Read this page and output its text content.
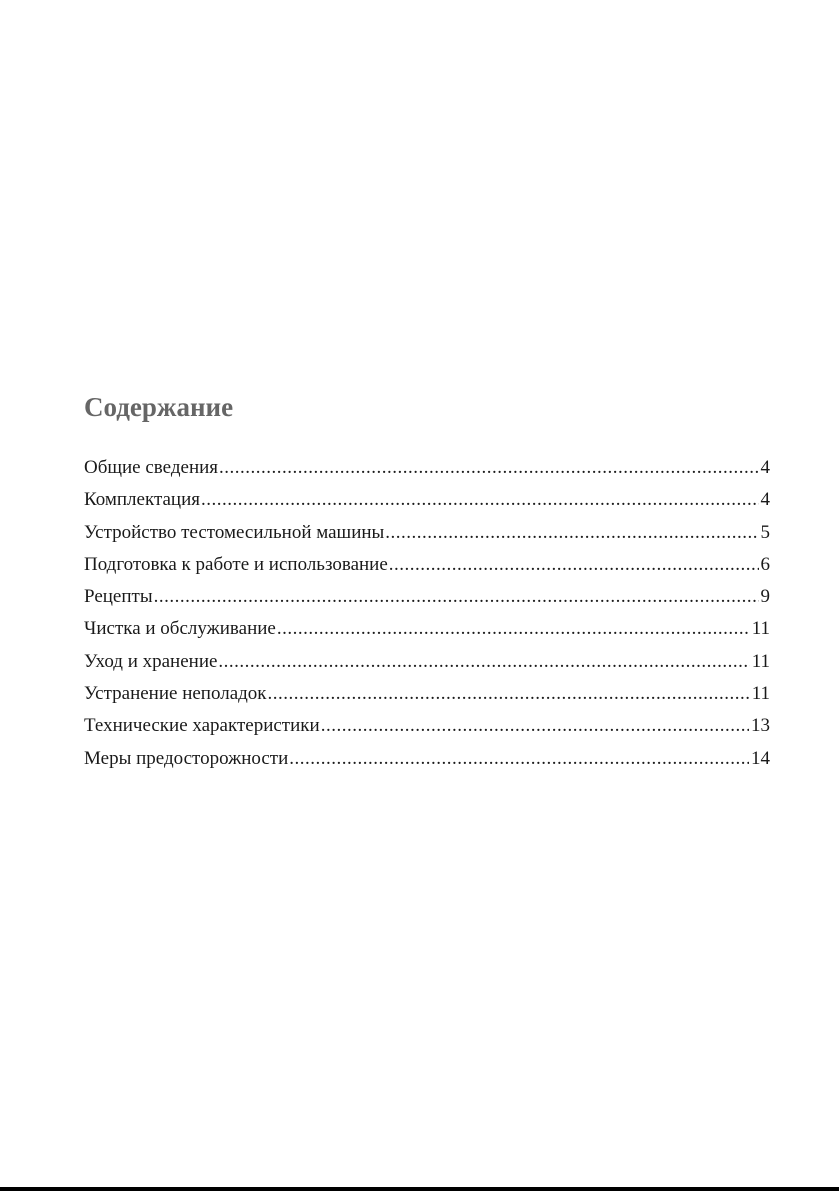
Содержание
Общие сведения .....	4
Комплектация .....	4
Устройство тестомесильной машины .....	5
Подготовка к работе и использование .....	6
Рецепты .....	9
Чистка и обслуживание .....	11
Уход и хранение .....	11
Устранение неполадок .....	11
Технические характеристики .....	13
Меры предосторожности .....	14
